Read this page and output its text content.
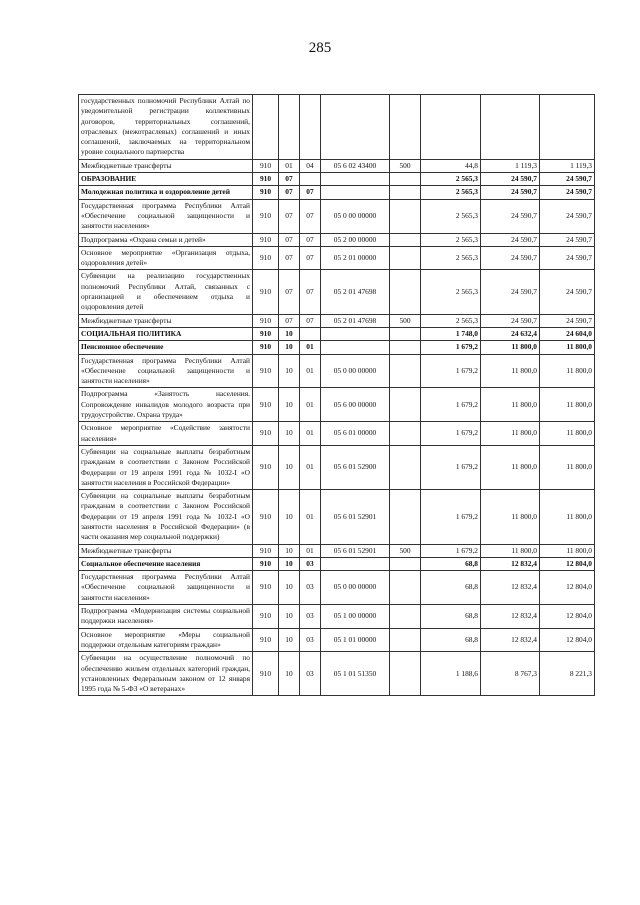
285
государственных полномочий Республики Алтай по уведомительной регистрации коллективных договоров, территориальных соглашений, отраслевых (межотраслевых) соглашений и иных соглашений, заключаемых на территориальном уровне социального партнерства								
Межбюджетные трансферты	910	01	04	05 6 02 43400	500	44,8	1 119,3	1 119,3
ОБРАЗОВАНИЕ	910	07				2 565,3	24 590,7	24 590,7
Молодежная политика и оздоровление детей	910	07	07			2 565,3	24 590,7	24 590,7
Государственная программа Республики Алтай «Обеспечение социальной защищенности и занятости населения»	910	07	07	05 0 00 00000		2 565,3	24 590,7	24 590,7
Подпрограмма «Охрана семьи и детей»	910	07	07	05 2 00 00000		2 565,3	24 590,7	24 590,7
Основное мероприятие «Организация отдыха, оздоровления детей»	910	07	07	05 2 01 00000		2 565,3	24 590,7	24 590,7
Субвенции на реализацию государственных полномочий Республики Алтай, связанных с организацией и обеспечением отдыха и оздоровления детей	910	07	07	05 2 01 47698		2 565,3	24 590,7	24 590,7
Межбюджетные трансферты	910	07	07	05 2 01 47698	500	2 565,3	24 590,7	24 590,7
СОЦИАЛЬНАЯ ПОЛИТИКА	910	10				1 748,0	24 632,4	24 604,0
Пенсионное обеспечение	910	10	01			1 679,2	11 800,0	11 800,0
Государственная программа Республики Алтай «Обеспечение социальной защищенности и занятости населения»	910	10	01	05 0 00 00000		1 679,2	11 800,0	11 800,0
Подпрограмма «Занятость населения. Сопровождение инвалидов молодого возраста при трудоустройстве. Охрана труда»	910	10	01	05 6 00 00000		1 679,2	11 800,0	11 800,0
Основное мероприятие «Содействие занятости населения»	910	10	01	05 6 01 00000		1 679,2	11 800,0	11 800,0
Субвенции на социальные выплаты безработным гражданам в соответствии с Законом Российской Федерации от 19 апреля 1991 года № 1032-I «О занятости населения в Российской Федерации»	910	10	01	05 6 01 52900		1 679,2	11 800,0	11 800,0
Субвенции на социальные выплаты безработным гражданам в соответствии с Законом Российской Федерации от 19 апреля 1991 года № 1032-I «О занятости населения в Российской Федерации» (в части оказания мер социальной поддержки)	910	10	01	05 6 01 52901		1 679,2	11 800,0	11 800,0
Межбюджетные трансферты	910	10	01	05 6 01 52901	500	1 679,2	11 800,0	11 800,0
Социальное обеспечение населения	910	10	03			68,8	12 832,4	12 804,0
Государственная программа Республики Алтай «Обеспечение социальной защищенности и занятости населения»	910	10	03	05 0 00 00000		68,8	12 832,4	12 804,0
Подпрограмма «Модернизация системы социальной поддержки населения»	910	10	03	05 1 00 00000		68,8	12 832,4	12 804,0
Основное мероприятие «Меры социальной поддержки отдельным категориям граждан»	910	10	03	05 1 01 00000		68,8	12 832,4	12 804,0
Субвенции на осуществление полномочий по обеспечению жильем отдельных категорий граждан, установленных Федеральным законом от 12 января 1995 года № 5-ФЗ «О ветеранах»	910	10	03	05 1 01 51350		1 188,6	8 767,3	8 221,3
